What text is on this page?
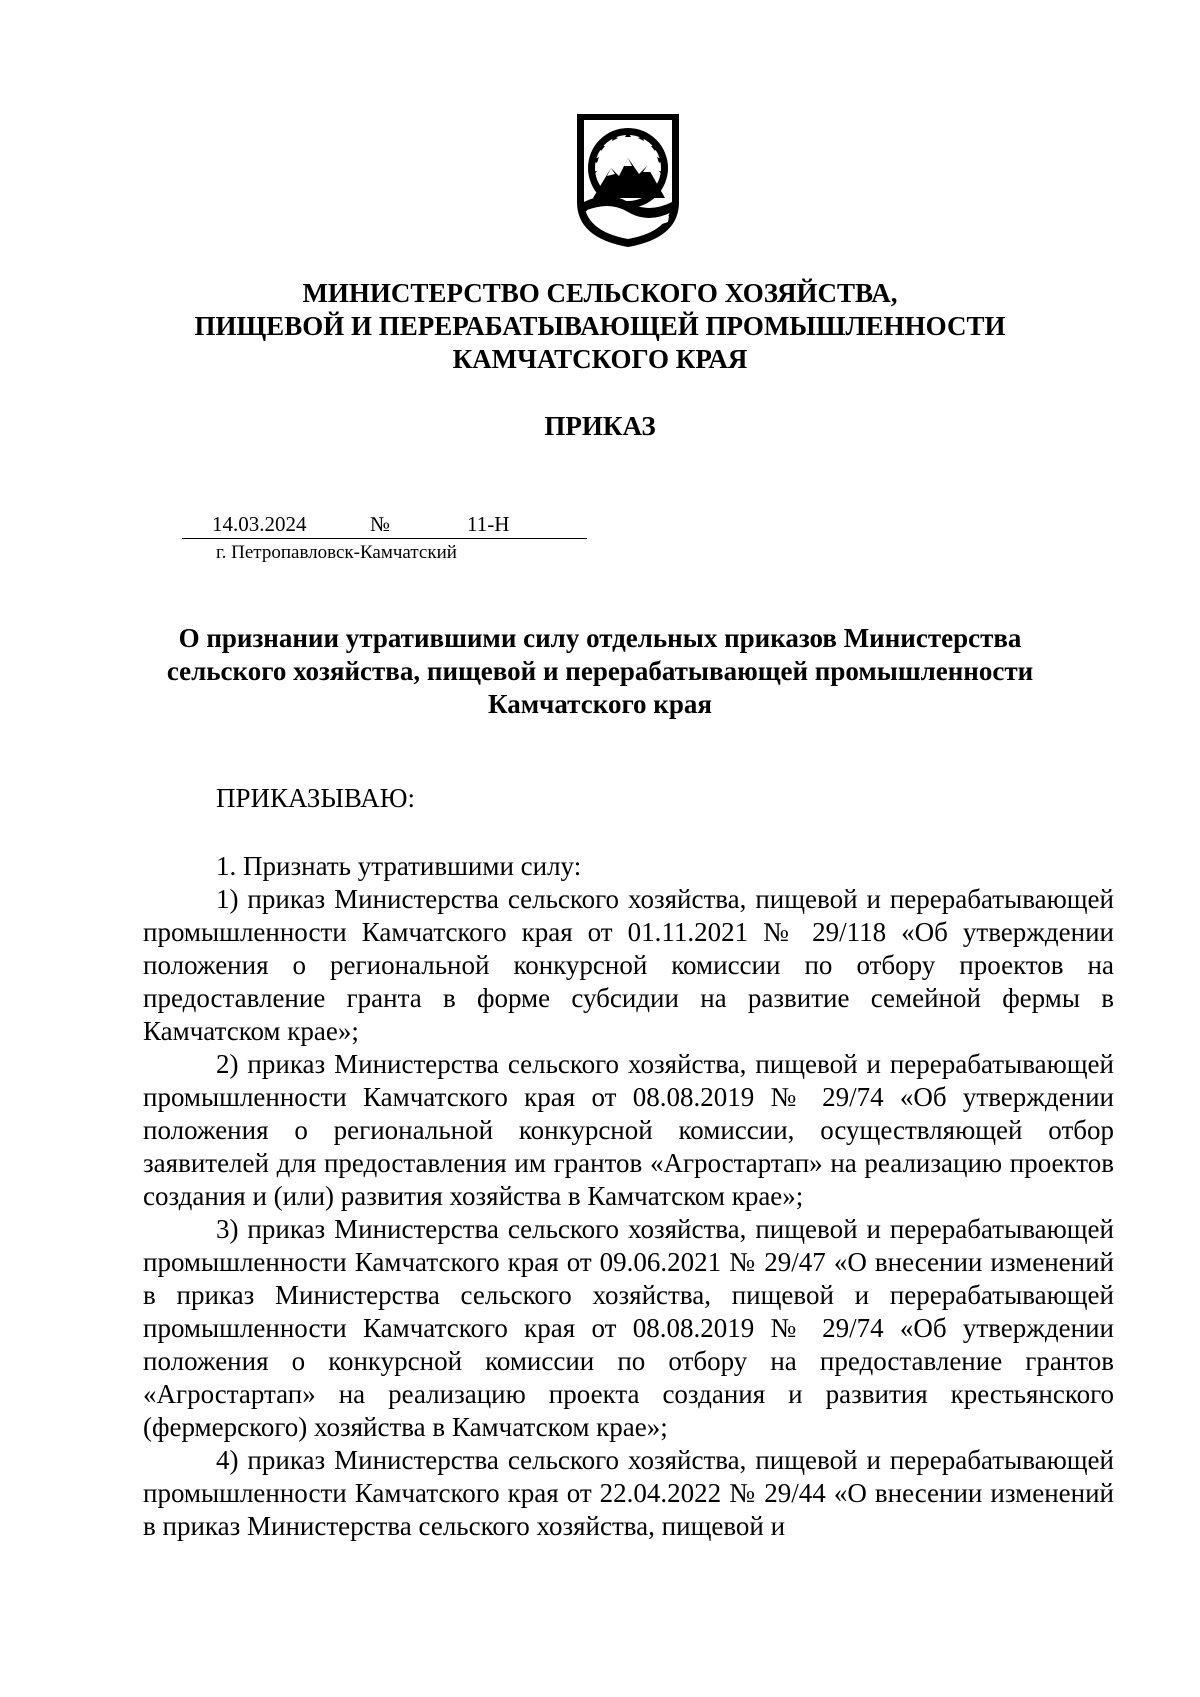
МИНИСТЕРСТВО СЕЛЬСКОГО ХОЗЯЙСТВА,
ПИЩЕВОЙ И ПЕРЕРАБАТЫВАЮЩЕЙ ПРОМЫШЛЕННОСТИ
КАМЧАТСКОГО КРАЯ
ПРИКАЗ
14.03.2024	№	11-Н
г. Петропавловск-Камчатский
О признании утратившими силу отдельных приказов Министерства
сельского хозяйства, пищевой и перерабатывающей промышленности
Камчатского края
ПРИКАЗЫВАЮ:

1. Признать утратившими силу:

1) приказ Министерства сельского хозяйства, пищевой и перерабатывающей промышленности Камчатского края от 01.11.2021 № 29/118 «Об утверждении положения о региональной конкурсной комиссии по отбору проектов на предоставление гранта в форме субсидии на развитие семейной фермы в Камчатском крае»;

2) приказ Министерства сельского хозяйства, пищевой и перерабатывающей промышленности Камчатского края от 08.08.2019 № 29/74 «Об утверждении положения о региональной конкурсной комиссии, осуществляющей отбор заявителей для предоставления им грантов «Агростартап» на реализацию проектов создания и (или) развития хозяйства в Камчатском крае»;

3) приказ Министерства сельского хозяйства, пищевой и перерабатывающей промышленности Камчатского края от 09.06.2021 № 29/47 «О внесении изменений в приказ Министерства сельского хозяйства, пищевой и перерабатывающей промышленности Камчатского края от 08.08.2019 № 29/74 «Об утверждении положения о конкурсной комиссии по отбору на предоставление грантов «Агростартап» на реализацию проекта создания и развития крестьянского (фермерского) хозяйства в Камчатском крае»;

4) приказ Министерства сельского хозяйства, пищевой и перерабатывающей промышленности Камчатского края от 22.04.2022 № 29/44 «О внесении изменений в приказ Министерства сельского хозяйства, пищевой и
